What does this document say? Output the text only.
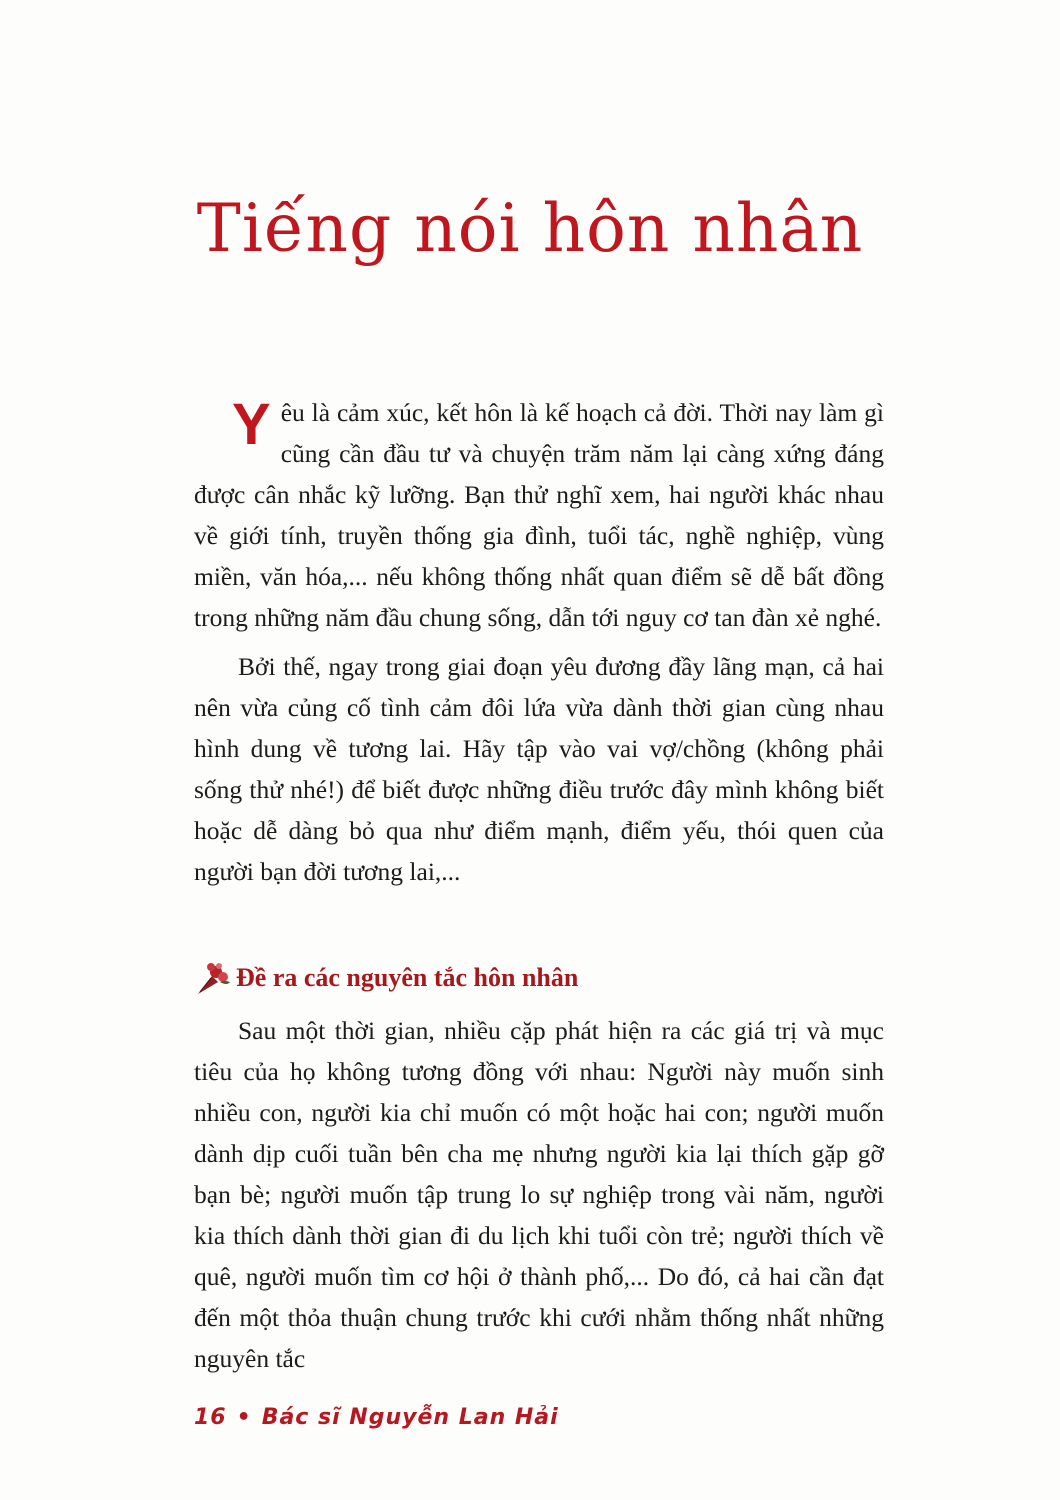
Tiếng nói hôn nhân

Yêu là cảm xúc, kết hôn là kế hoạch cả đời. Thời nay làm gì cũng cần đầu tư và chuyện trăm năm lại càng xứng đáng được cân nhắc kỹ lưỡng. Bạn thử nghĩ xem, hai người khác nhau về giới tính, truyền thống gia đình, tuổi tác, nghề nghiệp, vùng miền, văn hóa,... nếu không thống nhất quan điểm sẽ dễ bất đồng trong những năm đầu chung sống, dẫn tới nguy cơ tan đàn xẻ nghé.

Bởi thế, ngay trong giai đoạn yêu đương đầy lãng mạn, cả hai nên vừa củng cố tình cảm đôi lứa vừa dành thời gian cùng nhau hình dung về tương lai. Hãy tập vào vai vợ/chồng (không phải sống thử nhé!) để biết được những điều trước đây mình không biết hoặc dễ dàng bỏ qua như điểm mạnh, điểm yếu, thói quen của người bạn đời tương lai,...

Đề ra các nguyên tắc hôn nhân

Sau một thời gian, nhiều cặp phát hiện ra các giá trị và mục tiêu của họ không tương đồng với nhau: Người này muốn sinh nhiều con, người kia chỉ muốn có một hoặc hai con; người muốn dành dịp cuối tuần bên cha mẹ nhưng người kia lại thích gặp gỡ bạn bè; người muốn tập trung lo sự nghiệp trong vài năm, người kia thích dành thời gian đi du lịch khi tuổi còn trẻ; người thích về quê, người muốn tìm cơ hội ở thành phố,... Do đó, cả hai cần đạt đến một thỏa thuận chung trước khi cưới nhằm thống nhất những nguyên tắc

16 • Bác sĩ Nguyễn Lan Hải
